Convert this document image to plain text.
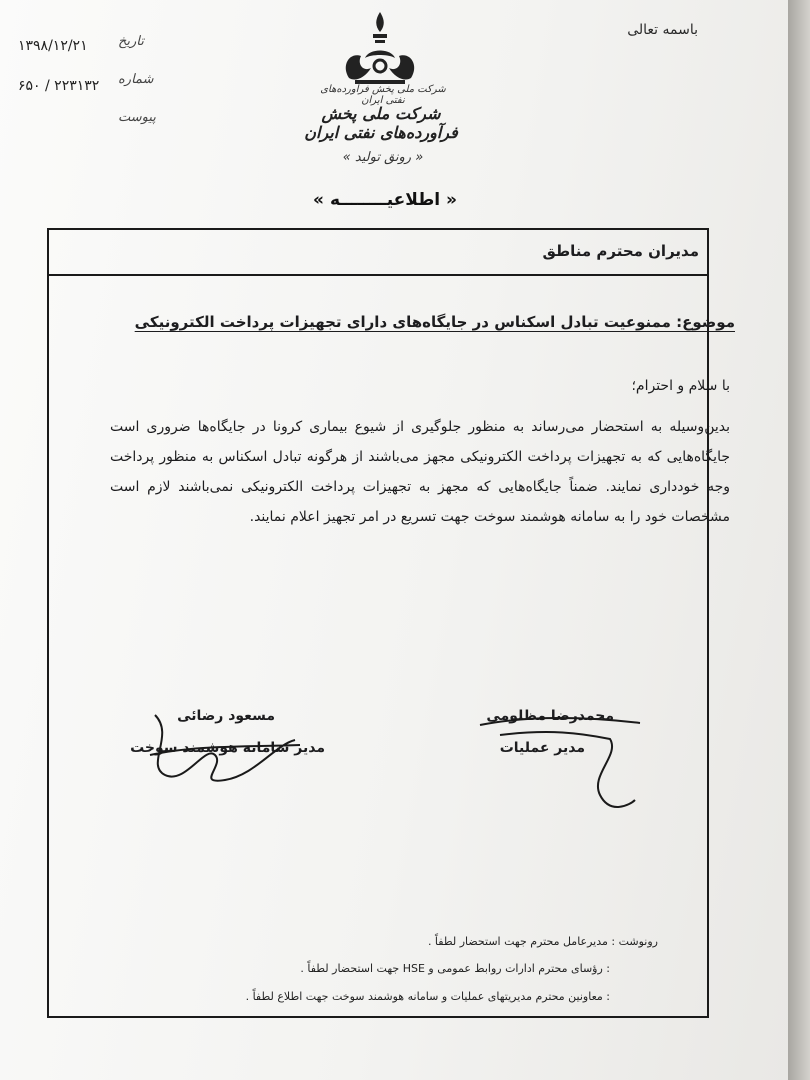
باسمه تعالی
۱۳۹۸/۱۲/۲۱ تاریخ
۶۵۰ / ۲۲۳۱۳۲ شماره
پیوست
شرکت ملی پخش فرآورده‌های نفتی ایران
شرکت ملی پخش فرآورده‌های نفتی ایران
« رونق تولید »
« اطلاعیــــــــه »
مدیران محترم مناطق
موضوع: ممنوعیت تبادل اسکناس در جایگاه‌های دارای تجهیزات پرداخت الکترونیکی
با سلام و احترام؛
بدین‌وسیله به استحضار می‌رساند به منظور جلوگیری از شیوع بیماری کرونا در جایگاه‌ها ضروری است جایگاه‌هایی که به تجهیزات پرداخت الکترونیکی مجهز می‌باشند از هرگونه تبادل اسکناس به منظور پرداخت وجه خودداری نمایند. ضمناً جایگاه‌هایی که مجهز به تجهیزات پرداخت الکترونیکی نمی‌باشند لازم است مشخصات خود را به سامانه هوشمند سوخت جهت تسریع در امر تجهیز اعلام نمایند.
محمدرضا مظلومی
مدیر عملیات
مسعود رضائی
مدیر سامانه هوشمند سوخت
رونوشت : مدیرعامل محترم جهت استحضار لطفاً .
: رؤسای محترم ادارات روابط عمومی و HSE جهت استحضار لطفاً .
: معاونین محترم مدیریتهای عملیات و سامانه هوشمند سوخت جهت اطلاع لطفاً .
